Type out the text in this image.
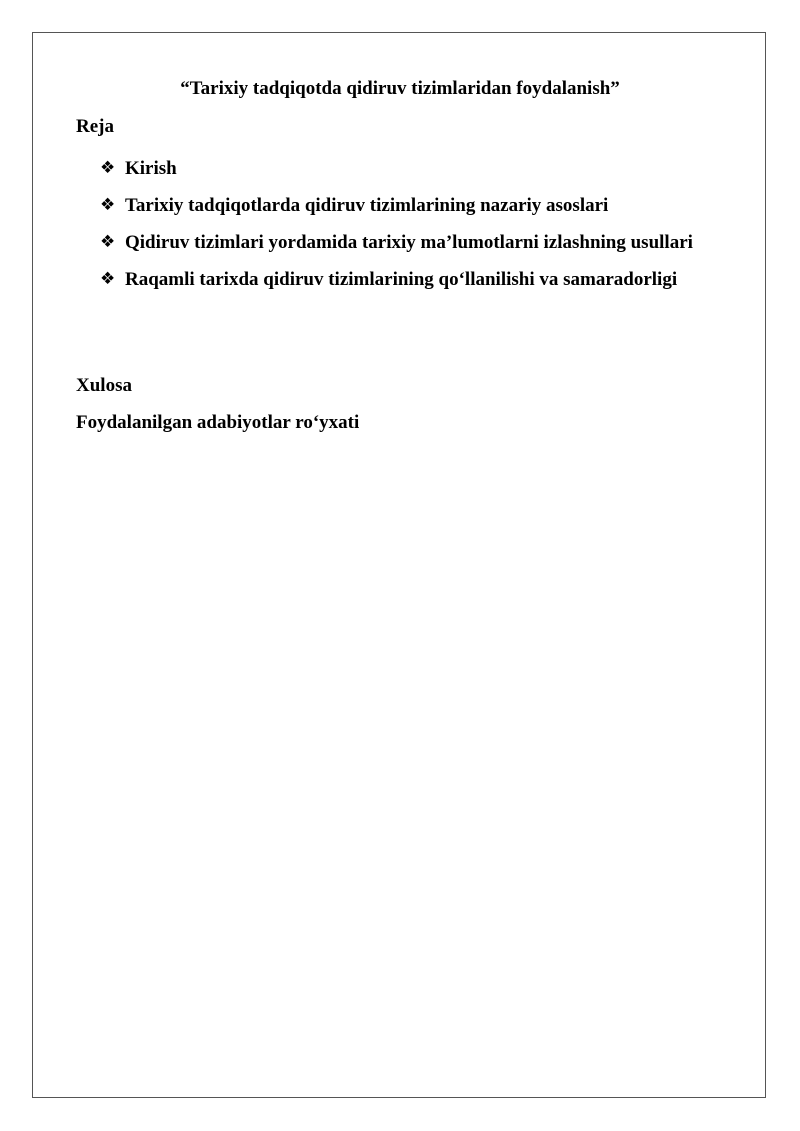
“Tarixiy tadqiqotda qidiruv tizimlaridan foydalanish”
Reja
❖ Kirish
❖ Tarixiy tadqiqotlarda qidiruv tizimlarining nazariy asoslari
❖ Qidiruv tizimlari yordamida tarixiy ma’lumotlarni izlashning usullari
❖ Raqamli tarixda qidiruv tizimlarining qo‘llanilishi va samaradorligi
Xulosa
Foydalanilgan adabiyotlar ro‘yxati
